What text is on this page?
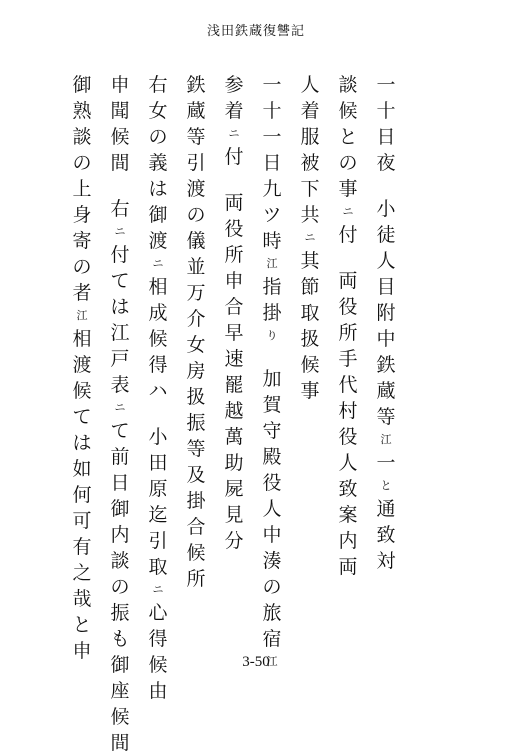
浅田鉄蔵復讐記
一
十
日
夜
小
徒
人
目
附
中
鉄
蔵
等
江
一
と
通
致
対
談
候
と
の
事
ニ
付
両
役
所
手
代
村
役
人
致
案
内
両
人
着
服
被
下
共
ニ
其
節
取
扱
候
事
一
十
一
日
九
ツ
時
江
指
掛
り
加
賀
守
殿
役
人
中
湊
の
旅
宿
江
参
着
ニ
付
両
役
所
申
合
早
速
罷
越
萬
助
屍
見
分
鉄
蔵
等
引
渡
の
儀
並
万
介
女
房
扱
振
等
及
掛
合
候
所
右
女
の
義
は
御
渡
ニ
相
成
候
得
ハ
小
田
原
迄
引
取
ニ
心
得
候
由
申
聞
候
間
右
ニ
付
て
は
江
戸
表
ニ
て
前
日
御
内
談
の
振
も
御
座
候
間
御
熟
談
の
上
身
寄
の
者
江
相
渡
候
て
は
如
何
可
有
之
哉
と
申	3-50
